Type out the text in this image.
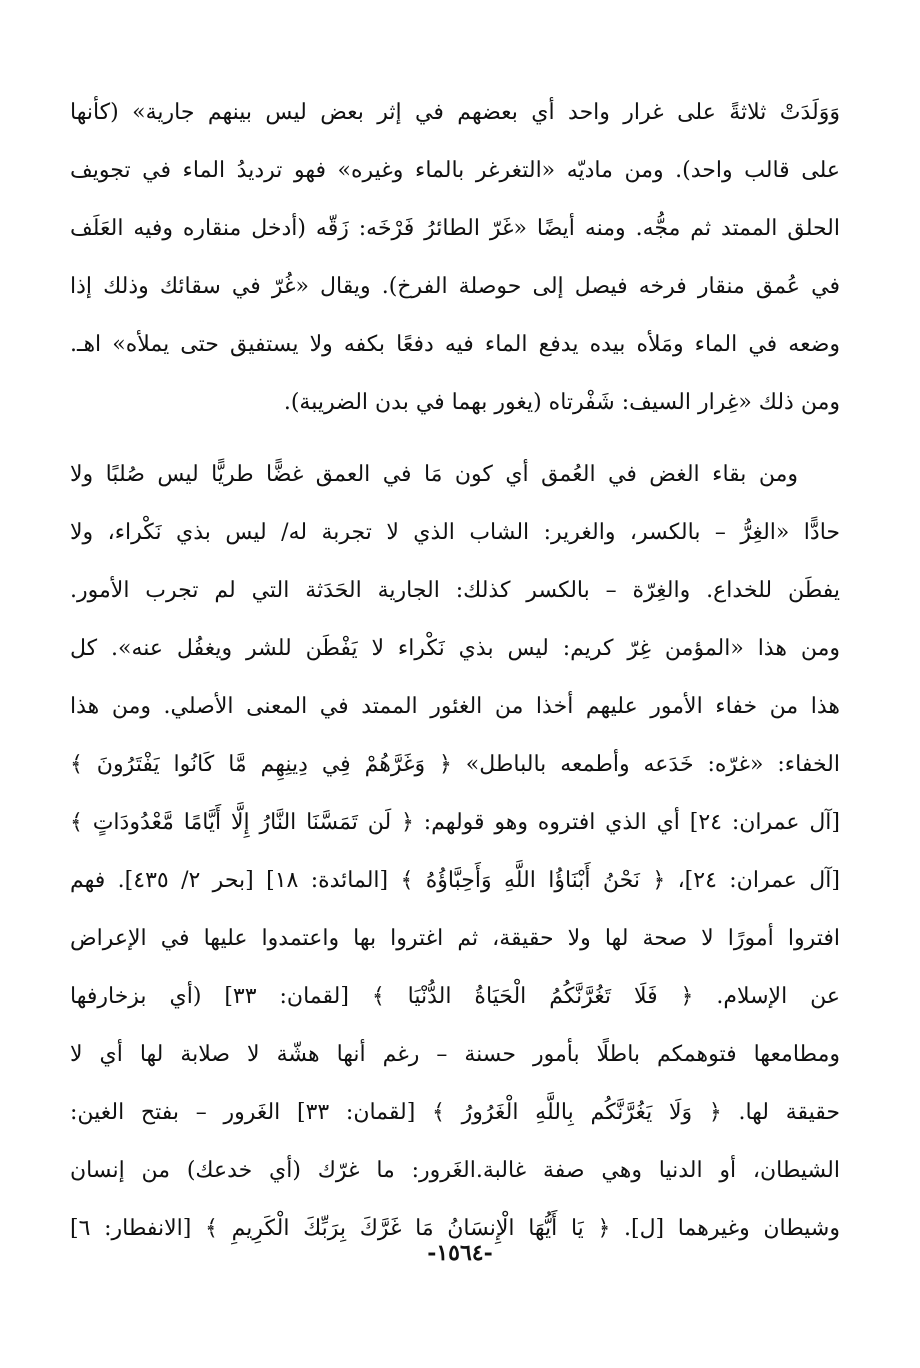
وَوَلَدَتْ ثلاثةً على غرار واحد أي بعضهم في إثر بعض ليس بينهم جارية» (كأنها
على قالب واحد). ومن ماديّه «التغرغر بالماء وغيره» فهو ترديدُ الماء في تجويف
الحلق الممتد ثم مجُّه. ومنه أيضًا «غَرّ الطائرُ فَرْخَه: زَقّه (أدخل منقاره وفيه العَلَف
في عُمق منقار فرخه فيصل إلى حوصلة الفرخ). ويقال «غُرّ في سقائك وذلك إذا
وضعه في الماء ومَلأه بيده يدفع الماء فيه دفعًا بكفه ولا يستفيق حتى يملأه» اهـ.
ومن ذلك «غِرار السيف: شَفْرتاه (يغور بهما في بدن الضريبة).
ومن بقاء الغض في العُمق أي كون مَا في العمق غضًّا طريًّا ليس صُلبًا ولا
حادًّا «الغِرُّ – بالكسر، والغرير: الشاب الذي لا تجربة له/ ليس بذي نَكْراء، ولا
يفطَن للخداع. والغِرّة – بالكسر كذلك: الجارية الحَدَثة التي لم تجرب الأمور.
ومن هذا «المؤمن غِرّ كريم: ليس بذي نَكْراء لا يَفْطَن للشر ويغفُل عنه». كل
هذا من خفاء الأمور عليهم أخذا من الغئور الممتد في المعنى الأصلي. ومن هذا
الخفاء: «غرّه: خَدَعه وأطمعه بالباطل» ﴿ وَغَرَّهُمْ فِي دِينِهِم مَّا كَانُوا يَفْتَرُونَ ﴾
[آل عمران: ٢٤] أي الذي افتروه وهو قولهم: ﴿ لَن تَمَسَّنَا النَّارُ إِلَّا أَيَّامًا مَّعْدُودَاتٍ ﴾
[آل عمران: ٢٤]، ﴿ نَحْنُ أَبْنَاؤُا اللَّهِ وَأَحِبَّاؤُهُ ﴾ [المائدة: ١٨] [بحر ٢/ ٤٣٥]. فهم
افتروا أمورًا لا صحة لها ولا حقيقة، ثم اغتروا بها واعتمدوا عليها في الإعراض
عن الإسلام. ﴿ فَلَا تَغُرَّنَّكُمُ الْحَيَاةُ الدُّنْيَا ﴾ [لقمان: ٣٣] (أي بزخارفها
ومطامعها فتوهمكم باطلًا بأمور حسنة – رغم أنها هشّة لا صلابة لها أي لا
حقيقة لها. ﴿ وَلَا يَغُرَّنَّكُم بِاللَّهِ الْغَرُورُ ﴾ [لقمان: ٣٣] الغَرور – بفتح الغين:
الشيطان، أو الدنيا وهي صفة غالبة.الغَرور: ما غرّك (أي خدعك) من إنسان
وشيطان وغيرهما [ل]. ﴿ يَا أَيُّهَا الْإِنسَانُ مَا غَرَّكَ بِرَبِّكَ الْكَرِيمِ ﴾ [الانفطار: ٦]
-١٥٦٤-
